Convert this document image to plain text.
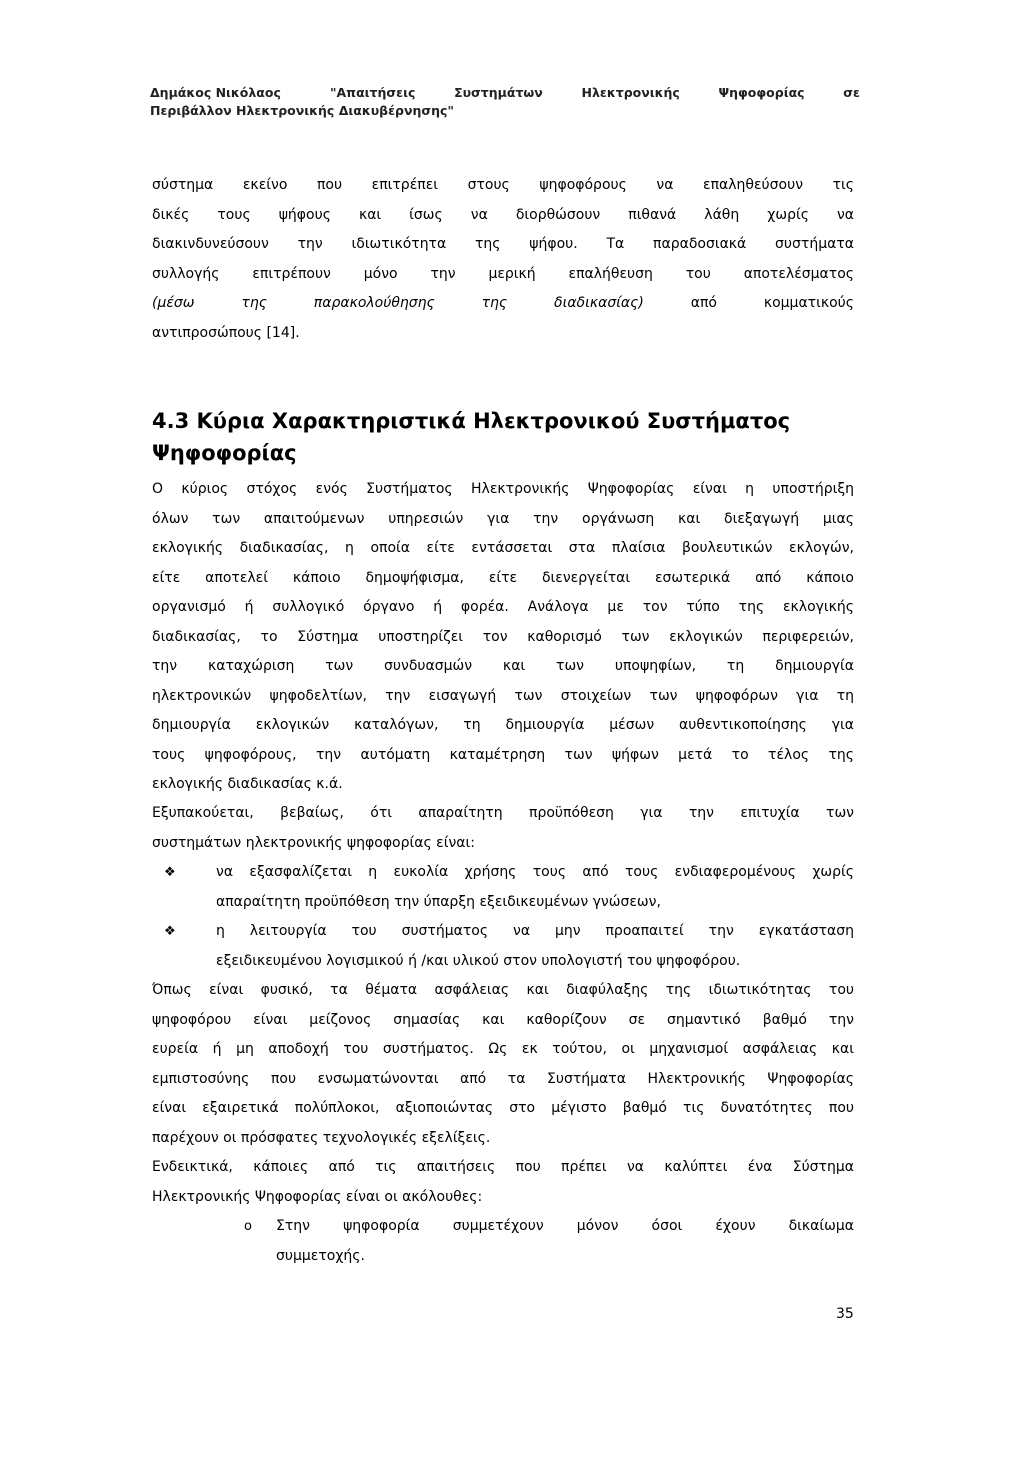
Δημάκος Νικόλαος	"Απαιτήσεις	Συστημάτων	Ηλεκτρονικής	Ψηφοφορίας	σε
Περιβάλλον Ηλεκτρονικής Διακυβέρνησης"

σύστημα εκείνο που επιτρέπει στους ψηφοφόρους να επαληθεύσουν τις
δικές τους ψήφους και ίσως να διορθώσουν πιθανά λάθη χωρίς να
διακινδυνεύσουν την ιδιωτικότητα της ψήφου. Τα παραδοσιακά συστήματα
συλλογής επιτρέπουν μόνο την μερική επαλήθευση του αποτελέσματος
(μέσω της παρακολούθησης της διαδικασίας) από κομματικούς
αντιπροσώπους [14].

4.3 Κύρια Χαρακτηριστικά Ηλεκτρονικού Συστήματος
Ψηφοφορίας

Ο κύριος στόχος ενός Συστήματος Ηλεκτρονικής Ψηφοφορίας είναι η υποστήριξη
όλων των απαιτούμενων υπηρεσιών για την οργάνωση και διεξαγωγή μιας
εκλογικής διαδικασίας, η οποία είτε εντάσσεται στα πλαίσια βουλευτικών εκλογών,
είτε αποτελεί κάποιο δημοψήφισμα, είτε διενεργείται εσωτερικά από κάποιο
οργανισμό ή συλλογικό όργανο ή φορέα. Ανάλογα με τον τύπο της εκλογικής
διαδικασίας, το Σύστημα υποστηρίζει τον καθορισμό των εκλογικών περιφερειών,
την καταχώριση των συνδυασμών και των υποψηφίων, τη δημιουργία
ηλεκτρονικών ψηφοδελτίων, την εισαγωγή των στοιχείων των ψηφοφόρων για τη
δημιουργία εκλογικών καταλόγων, τη δημιουργία μέσων αυθεντικοποίησης για
τους ψηφοφόρους, την αυτόματη καταμέτρηση των ψήφων μετά το τέλος της
εκλογικής διαδικασίας κ.ά.

Εξυπακούεται, βεβαίως, ότι απαραίτητη προϋπόθεση για την επιτυχία των
συστημάτων ηλεκτρονικής ψηφοφορίας είναι:

❖	να εξασφαλίζεται η ευκολία χρήσης τους από τους ενδιαφερομένους χωρίς
απαραίτητη προϋπόθεση την ύπαρξη εξειδικευμένων γνώσεων,
❖	η λειτουργία του συστήματος να μην προαπαιτεί την εγκατάσταση
εξειδικευμένου λογισμικού ή /και υλικού στον υπολογιστή του ψηφοφόρου.

Όπως είναι φυσικό, τα θέματα ασφάλειας και διαφύλαξης της ιδιωτικότητας του
ψηφοφόρου είναι μείζονος σημασίας και καθορίζουν σε σημαντικό βαθμό την
ευρεία ή μη αποδοχή του συστήματος. Ως εκ τούτου, οι μηχανισμοί ασφάλειας και
εμπιστοσύνης που ενσωματώνονται από τα Συστήματα Ηλεκτρονικής Ψηφοφορίας
είναι εξαιρετικά πολύπλοκοι, αξιοποιώντας στο μέγιστο βαθμό τις δυνατότητες που
παρέχουν οι πρόσφατες τεχνολογικές εξελίξεις.

Ενδεικτικά, κάποιες από τις απαιτήσεις που πρέπει να καλύπτει ένα Σύστημα
Ηλεκτρονικής Ψηφοφορίας είναι οι ακόλουθες:

o Στην ψηφοφορία συμμετέχουν μόνον όσοι έχουν δικαίωμα
συμμετοχής.
35
